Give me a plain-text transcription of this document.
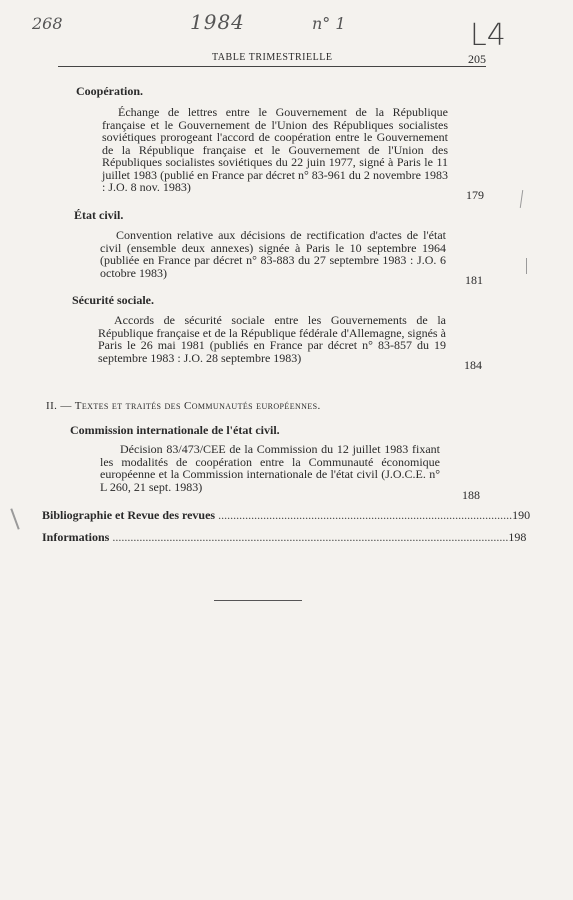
268	1984	n° 1	L4
TABLE TRIMESTRIELLE	205
Coopération.
Échange de lettres entre le Gouvernement de la République française et le Gouvernement de l'Union des Républiques socialistes soviétiques prorogeant l'accord de coopération entre le Gouvernement de la République française et le Gouvernement de l'Union des Républiques socialistes soviétiques du 22 juin 1977, signé à Paris le 11 juillet 1983 (publié en France par décret n° 83-961 du 2 novembre 1983 : J.O. 8 nov. 1983)
179
État civil.
Convention relative aux décisions de rectification d'actes de l'état civil (ensemble deux annexes) signée à Paris le 10 septembre 1964 (publiée en France par décret n° 83-883 du 27 septembre 1983 : J.O. 6 octobre 1983)
181
Sécurité sociale.
Accords de sécurité sociale entre les Gouvernements de la République française et de la République fédérale d'Allemagne, signés à Paris le 26 mai 1981 (publiés en France par décret n° 83-857 du 19 septembre 1983 : J.O. 28 septembre 1983)
184
II. — Textes et traités des Communautés européennes.
Commission internationale de l'état civil.
Décision 83/473/CEE de la Commission du 12 juillet 1983 fixant les modalités de coopération entre la Communauté économique européenne et la Commission internationale de l'état civil (J.O.C.E. n° L 260, 21 sept. 1983)
188
Bibliographie et Revue des revues .................................................................................................. 190
Informations .................................................................................................................................... 198
